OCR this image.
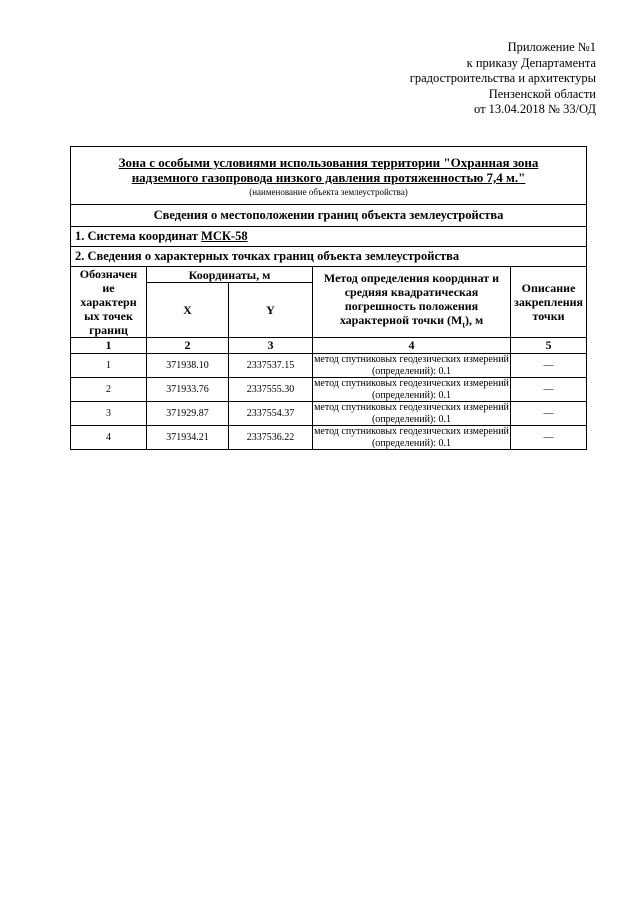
Приложение №1
к приказу Департамента
градостроительства и архитектуры
Пензенской области
от 13.04.2018 № 33/ОД
Зона с особыми условиями использования территории "Охранная зона
надземного газопровода низкого давления протяженностью 7,4 м."
(наименование объекта землеустройства)				

Сведения о местоположении границ объекта землеустройства				
1. Система координат МСК-58				
2. Сведения о характерных точках границ объекта землеустройства				
Обозначен
ие
характерн
ых точек
границ	Координаты, м		Метод определения координат и средняя квадратическая погрешность положения характерной точки $(M_t)$, м	Описание закрепления точки
	X	Y		
1	2	3	4	5
1	371938.10	2337537.15	метод спутниковых геодезических измерений (определений): 0.1	—
2	371933.76	2337555.30	метод спутниковых геодезических измерений (определений): 0.1	—
3	371929.87	2337554.37	метод спутниковых геодезических измерений (определений): 0.1	—
4	371934.21	2337536.22	метод спутниковых геодезических измерений (определений): 0.1	—
